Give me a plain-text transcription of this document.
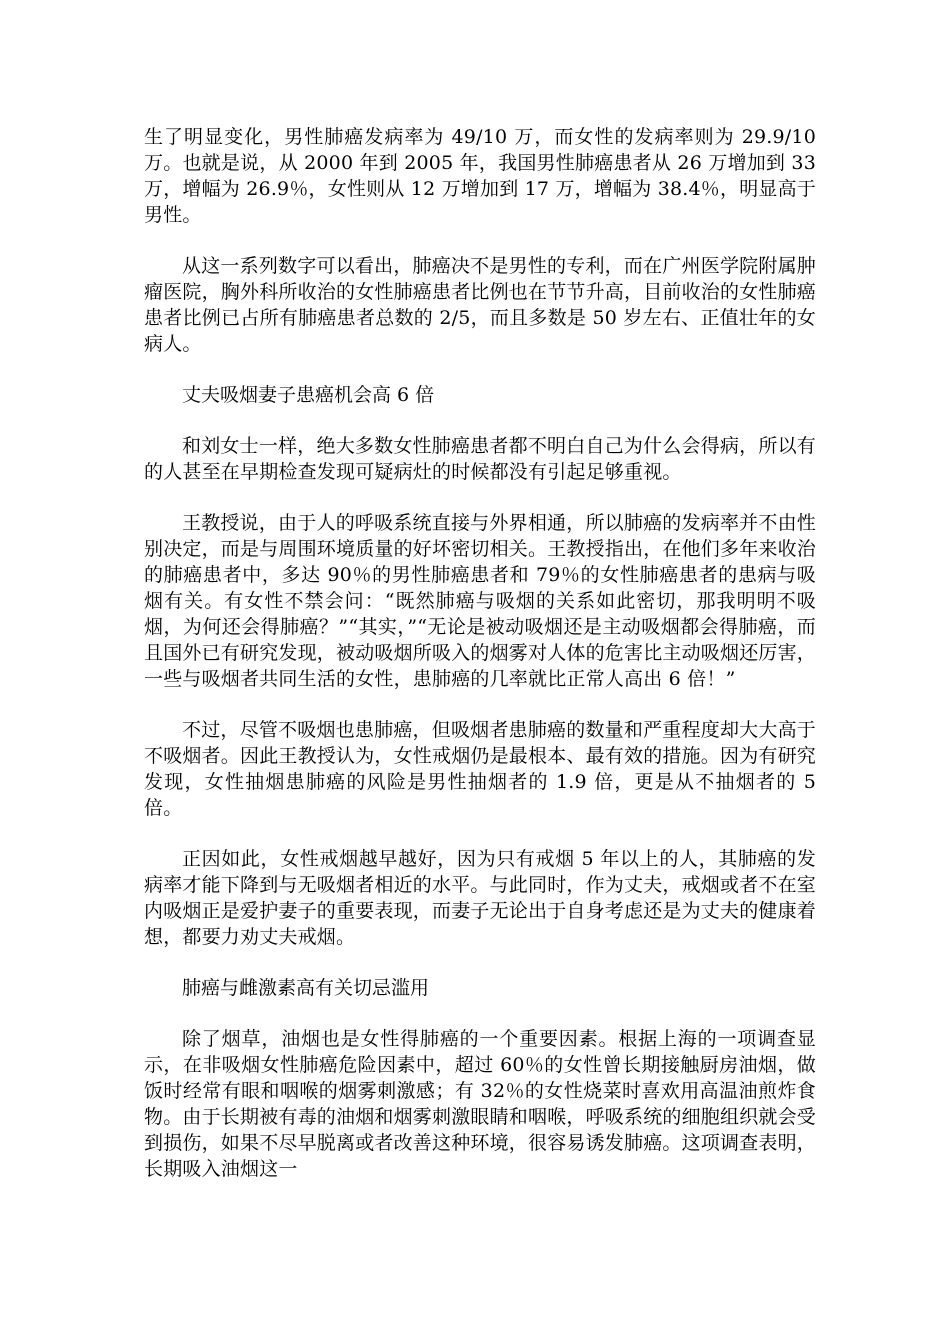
生了明显变化，男性肺癌发病率为 49/10 万，而女性的发病率则为 29.9/10 万。也就是说，从 2000 年到 2005 年，我国男性肺癌患者从 26 万增加到 33 万，增幅为 26.9％，女性则从 12 万增加到 17 万，增幅为 38.4％，明显高于男性。

从这一系列数字可以看出，肺癌决不是男性的专利，而在广州医学院附属肿瘤医院，胸外科所收治的女性肺癌患者比例也在节节升高，目前收治的女性肺癌患者比例已占所有肺癌患者总数的 2/5，而且多数是 50 岁左右、正值壮年的女病人。

丈夫吸烟妻子患癌机会高 6 倍

和刘女士一样，绝大多数女性肺癌患者都不明白自己为什么会得病，所以有的人甚至在早期检查发现可疑病灶的时候都没有引起足够重视。

王教授说，由于人的呼吸系统直接与外界相通，所以肺癌的发病率并不由性别决定，而是与周围环境质量的好坏密切相关。王教授指出，在他们多年来收治的肺癌患者中，多达 90％的男性肺癌患者和 79％的女性肺癌患者的患病与吸烟有关。有女性不禁会问：“既然肺癌与吸烟的关系如此密切，那我明明不吸烟，为何还会得肺癌？”“其实，”“无论是被动吸烟还是主动吸烟都会得肺癌，而且国外已有研究发现，被动吸烟所吸入的烟雾对人体的危害比主动吸烟还厉害，一些与吸烟者共同生活的女性，患肺癌的几率就比正常人高出 6 倍！”

不过，尽管不吸烟也患肺癌，但吸烟者患肺癌的数量和严重程度却大大高于不吸烟者。因此王教授认为，女性戒烟仍是最根本、最有效的措施。因为有研究发现，女性抽烟患肺癌的风险是男性抽烟者的 1.9 倍，更是从不抽烟者的 5 倍。

正因如此，女性戒烟越早越好，因为只有戒烟 5 年以上的人，其肺癌的发病率才能下降到与无吸烟者相近的水平。与此同时，作为丈夫，戒烟或者不在室内吸烟正是爱护妻子的重要表现，而妻子无论出于自身考虑还是为丈夫的健康着想，都要力劝丈夫戒烟。

肺癌与雌激素高有关切忌滥用

除了烟草，油烟也是女性得肺癌的一个重要因素。根据上海的一项调查显示，在非吸烟女性肺癌危险因素中，超过 60％的女性曾长期接触厨房油烟，做饭时经常有眼和咽喉的烟雾刺激感；有 32％的女性烧菜时喜欢用高温油煎炸食物。由于长期被有毒的油烟和烟雾刺激眼睛和咽喉，呼吸系统的细胞组织就会受到损伤，如果不尽早脱离或者改善这种环境，很容易诱发肺癌。这项调查表明，长期吸入油烟这一
